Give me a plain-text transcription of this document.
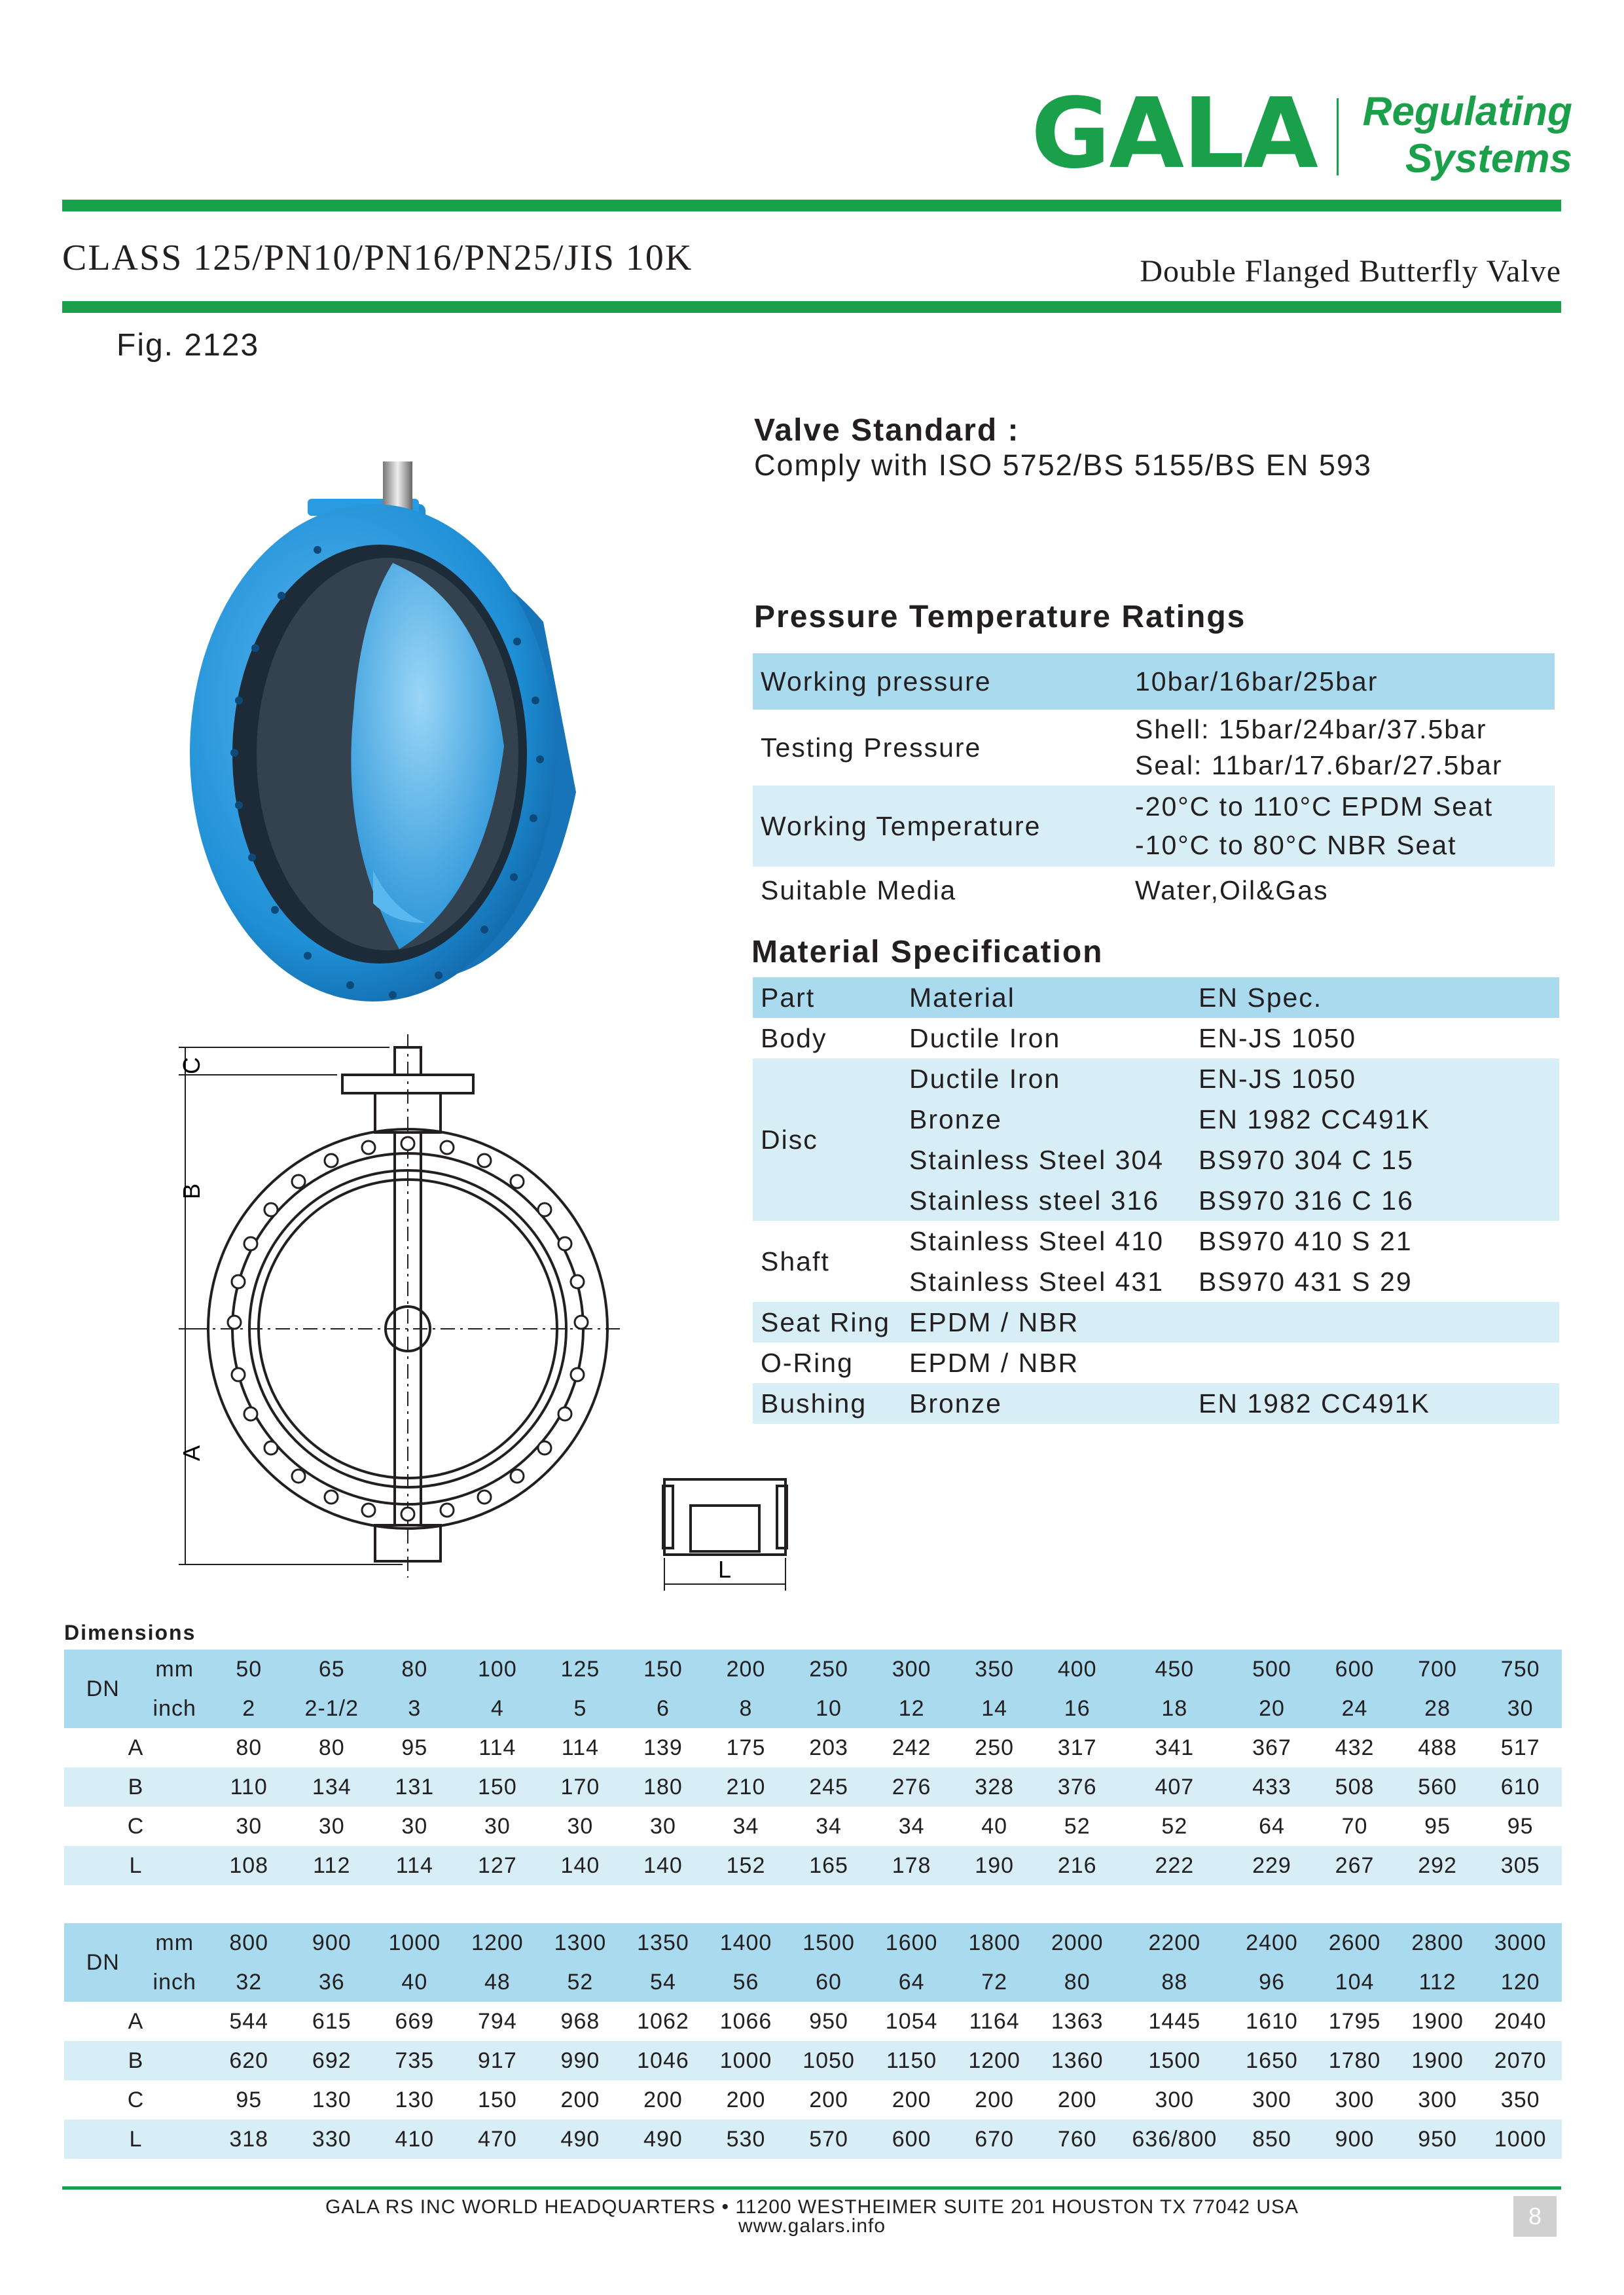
GALA	Regulating
Systems
CLASS 125/PN10/PN16/PN25/JIS 10K	Double Flanged Butterfly Valve
Fig. 2123
C
B
A
L
Valve Standard :
Comply with ISO 5752/BS 5155/BS EN 593
Pressure Temperature Ratings
Working pressure	10bar/16bar/25bar
Testing Pressure	Shell: 15bar/24bar/37.5bar
Seal: 11bar/17.6bar/27.5bar

Working Temperature	-20°C to 110°C EPDM Seat
-10°C to 80°C NBR Seat

Suitable Media	Water,Oil&Gas
Material Specification
Part	Material	EN Spec.
Body	Ductile Iron	EN-JS 1050
Disc	Ductile Iron	EN-JS 1050
	Bronze	EN 1982 CC491K
	Stainless Steel 304	BS970 304 C 15
	Stainless steel 316	BS970 316 C 16
Shaft	Stainless Steel 410	BS970 410 S 21
	Stainless Steel 431	BS970 431 S 29
Seat Ring	EPDM / NBR	
O-Ring	EPDM / NBR	
Bushing	Bronze	EN 1982 CC491K
Dimensions
DN	mm	50	65	80	100	125	150	200	250	300	350	400	450	500	600	700	750
	inch	2	2-1/2	3	4	5	6	8	10	12	14	16	18	20	24	28	30
A		80	80	95	114	114	139	175	203	242	250	317	341	367	432	488	517
B		110	134	131	150	170	180	210	245	276	328	376	407	433	508	560	610
C		30	30	30	30	30	30	34	34	34	40	52	52	64	70	95	95
L		108	112	114	127	140	140	152	165	178	190	216	222	229	267	292	305
DN	mm	800	900	1000	1200	1300	1350	1400	1500	1600	1800	2000	2200	2400	2600	2800	3000
	inch	32	36	40	48	52	54	56	60	64	72	80	88	96	104	112	120
A		544	615	669	794	968	1062	1066	950	1054	1164	1363	1445	1610	1795	1900	2040
B		620	692	735	917	990	1046	1000	1050	1150	1200	1360	1500	1650	1780	1900	2070
C		95	130	130	150	200	200	200	200	200	200	200	300	300	300	300	350
L		318	330	410	470	490	490	530	570	600	670	760	636/800	850	900	950	1000
GALA RS INC WORLD HEADQUARTERS • 11200 WESTHEIMER SUITE 201 HOUSTON TX 77042 USA
www.galars.info	8
